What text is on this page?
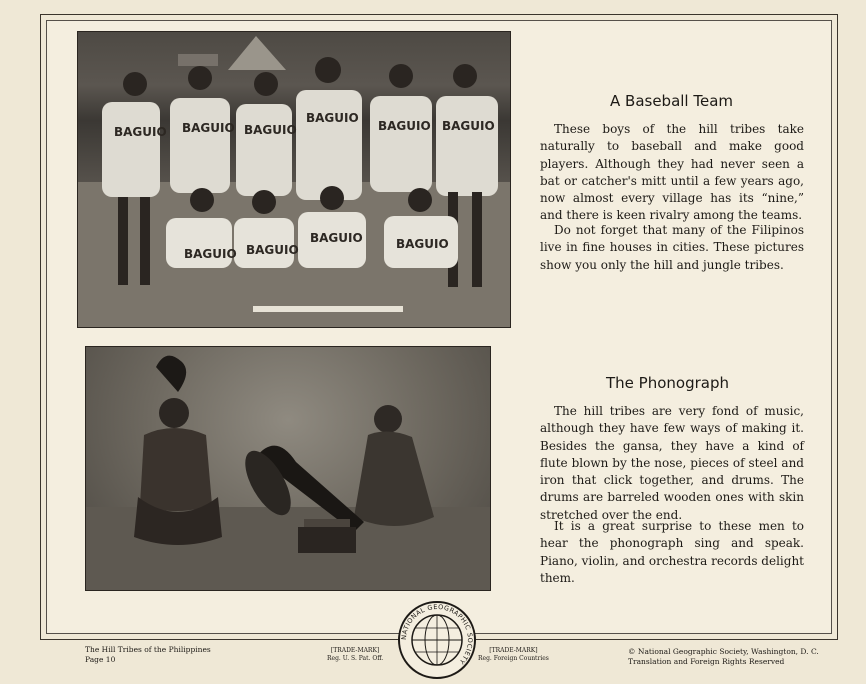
BAGUIO BAGUIO BAGUIO
BAGUIO
BAGUIO BAGUIO
BAGUIO BAGUIO
BAGUIO	BAGUIO
A Baseball Team

These boys of the hill tribes take naturally to baseball and make good players. Although they had never seen a bat or catcher's mitt until a few years ago, now almost every village has its “nine,” and there is keen rivalry among the teams.

Do not forget that many of the Filipinos live in fine houses in cities. These pictures show you only the hill and jungle tribes.

The Phonograph

The hill tribes are very fond of music, although they have few ways of making it. Besides the gansa, they have a kind of flute blown by the nose, pieces of steel and iron that click together, and drums. The drums are barreled wooden ones with skin stretched over the end.

It is a great surprise to these men to hear the phonograph sing and speak. Piano, violin, and orchestra records delight them.

The Hill Tribes of the Philippines
Page 10
[TRADE-MARK]
Reg. U. S. Pat. Off.
[TRADE-MARK]
Reg. Foreign Countries
© National Geographic Society, Washington, D. C.
Translation and Foreign Rights Reserved
NATIONAL GEOGRAPHIC SOCIETY
